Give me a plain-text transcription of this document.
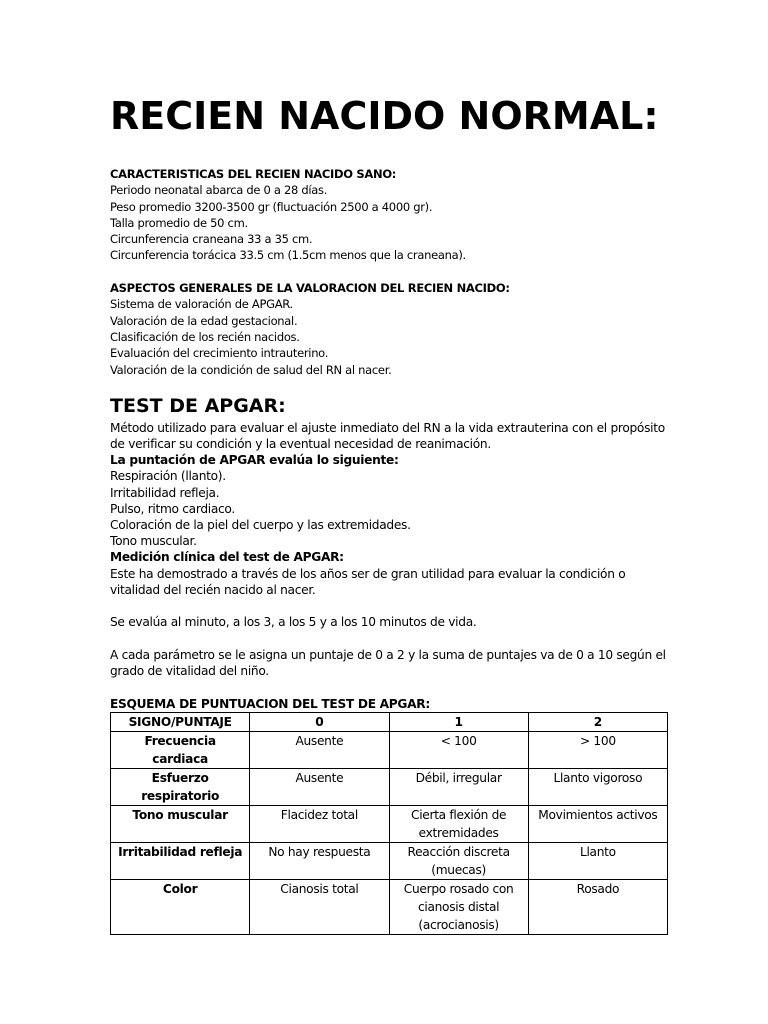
RECIEN NACIDO NORMAL:

CARACTERISTICAS DEL RECIEN NACIDO SANO:

Periodo neonatal abarca de 0 a 28 días.

Peso promedio 3200-3500 gr (fluctuación 2500 a 4000 gr).

Talla promedio de 50 cm.

Circunferencia craneana 33 a 35 cm.

Circunferencia torácica 33.5 cm (1.5cm menos que la craneana).

ASPECTOS GENERALES DE LA VALORACION DEL RECIEN NACIDO:

Sistema de valoración de APGAR.

Valoración de la edad gestacional.

Clasificación de los recién nacidos.

Evaluación del crecimiento intrauterino.

Valoración de la condición de salud del RN al nacer.

TEST DE APGAR:

Método utilizado para evaluar el ajuste inmediato del RN a la vida extrauterina con el propósito de verificar su condición y la eventual necesidad de reanimación.

La puntación de APGAR evalúa lo siguiente:

Respiración (llanto).

Irritabilidad refleja.

Pulso, ritmo cardiaco.

Coloración de la piel del cuerpo y las extremidades.

Tono muscular.

Medición clínica del test de APGAR:

Este ha demostrado a través de los años ser de gran utilidad para evaluar la condición o vitalidad del recién nacido al nacer.

Se evalúa al minuto, a los 3, a los 5 y a los 10 minutos de vida.

A cada parámetro se le asigna un puntaje de 0 a 2 y la suma de puntajes va de 0 a 10 según el grado de vitalidad del niño.

ESQUEMA DE PUNTUACION DEL TEST DE APGAR:

SIGNO/PUNTAJE	0	1	2
Frecuencia cardiaca	Ausente	< 100	> 100
Esfuerzo respiratorio	Ausente	Débil, irregular	Llanto vigoroso
Tono muscular	Flacidez total	Cierta flexión de extremidades	Movimientos activos
Irritabilidad refleja	No hay respuesta	Reacción discreta (muecas)	Llanto
Color	Cianosis total	Cuerpo rosado con cianosis distal (acrocianosis)	Rosado
